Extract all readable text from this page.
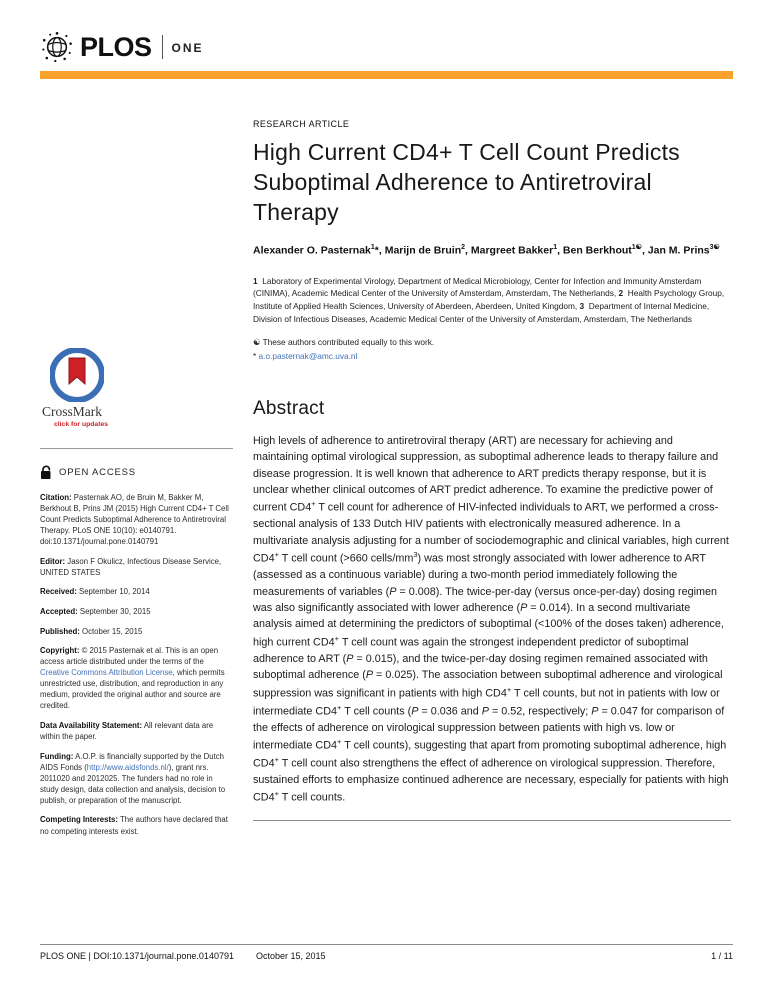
PLOS ONE
CrossMark
click for updates
OPEN ACCESS

Citation: Pasternak AO, de Bruin M, Bakker M, Berkhout B, Prins JM (2015) High Current CD4+ T Cell Count Predicts Suboptimal Adherence to Antiretroviral Therapy. PLoS ONE 10(10): e0140791. doi:10.1371/journal.pone.0140791

Editor: Jason F Okulicz, Infectious Disease Service, UNITED STATES

Received: September 10, 2014

Accepted: September 30, 2015

Published: October 15, 2015

Copyright: © 2015 Pasternak et al. This is an open access article distributed under the terms of the Creative Commons Attribution License, which permits unrestricted use, distribution, and reproduction in any medium, provided the original author and source are credited.

Data Availability Statement: All relevant data are within the paper.

Funding: A.O.P. is financially supported by the Dutch AIDS Fonds (http://www.aidsfonds.nl/), grant nrs. 2011020 and 2012025. The funders had no role in study design, data collection and analysis, decision to publish, or preparation of the manuscript.

Competing Interests: The authors have declared that no competing interests exist.

RESEARCH ARTICLE
High Current CD4+ T Cell Count Predicts Suboptimal Adherence to Antiretroviral Therapy
Alexander O. Pasternak$^1$*, Marijn de Bruin$^2$, Margreet Bakker$^1$, Ben Berkhout$^{1☯}$, Jan M. Prins$^{3☯}$
1  Laboratory of Experimental Virology, Department of Medical Microbiology, Center for Infection and Immunity Amsterdam (CINIMA), Academic Medical Center of the University of Amsterdam, Amsterdam, The Netherlands, 2  Health Psychology Group, Institute of Applied Health Sciences, University of Aberdeen, Aberdeen, United Kingdom, 3  Department of Internal Medicine, Division of Infectious Diseases, Academic Medical Center of the University of Amsterdam, Amsterdam, The Netherlands
☯ These authors contributed equally to this work.
* a.o.pasternak@amc.uva.nl
Abstract
High levels of adherence to antiretroviral therapy (ART) are necessary for achieving and maintaining optimal virological suppression, as suboptimal adherence leads to therapy failure and disease progression. It is well known that adherence to ART predicts therapy response, but it is unclear whether clinical outcomes of ART predict adherence. To examine the predictive power of current CD4+ T cell count for adherence of HIV-infected individuals to ART, we performed a cross-sectional analysis of 133 Dutch HIV patients with electronically measured adherence. In a multivariate analysis adjusting for a number of sociodemographic and clinical variables, high current CD4+ T cell count (>660 cells/$mm^3$) was most strongly associated with lower adherence to ART (assessed as a continuous variable) during a two-month period immediately following the measurements of variables (P = 0.008). The twice-per-day (versus once-per-day) dosing regimen was also significantly associated with lower adherence (P = 0.014). In a second multivariate analysis aimed at determining the predictors of suboptimal (<100% of the doses taken) adherence, high current CD4+ T cell count was again the strongest independent predictor of suboptimal adherence to ART (P = 0.015), and the twice-per-day dosing regimen remained associated with suboptimal adherence (P = 0.025). The association between suboptimal adherence and virological suppression was significant in patients with high CD4+ T cell counts, but not in patients with low or intermediate CD4+ T cell counts (P = 0.036 and P = 0.52, respectively; P = 0.047 for comparison of the effects of adherence on virological suppression between patients with high vs. low or intermediate CD4+ T cell counts), suggesting that apart from promoting suboptimal adherence, high CD4+ T cell count also strengthens the effect of adherence on virological suppression. Therefore, sustained efforts to emphasize continued adherence are necessary, especially for patients with high CD4+ T cell counts.
PLOS ONE | DOI:10.1371/journal.pone.0140791 October 15, 2015	1 / 11
